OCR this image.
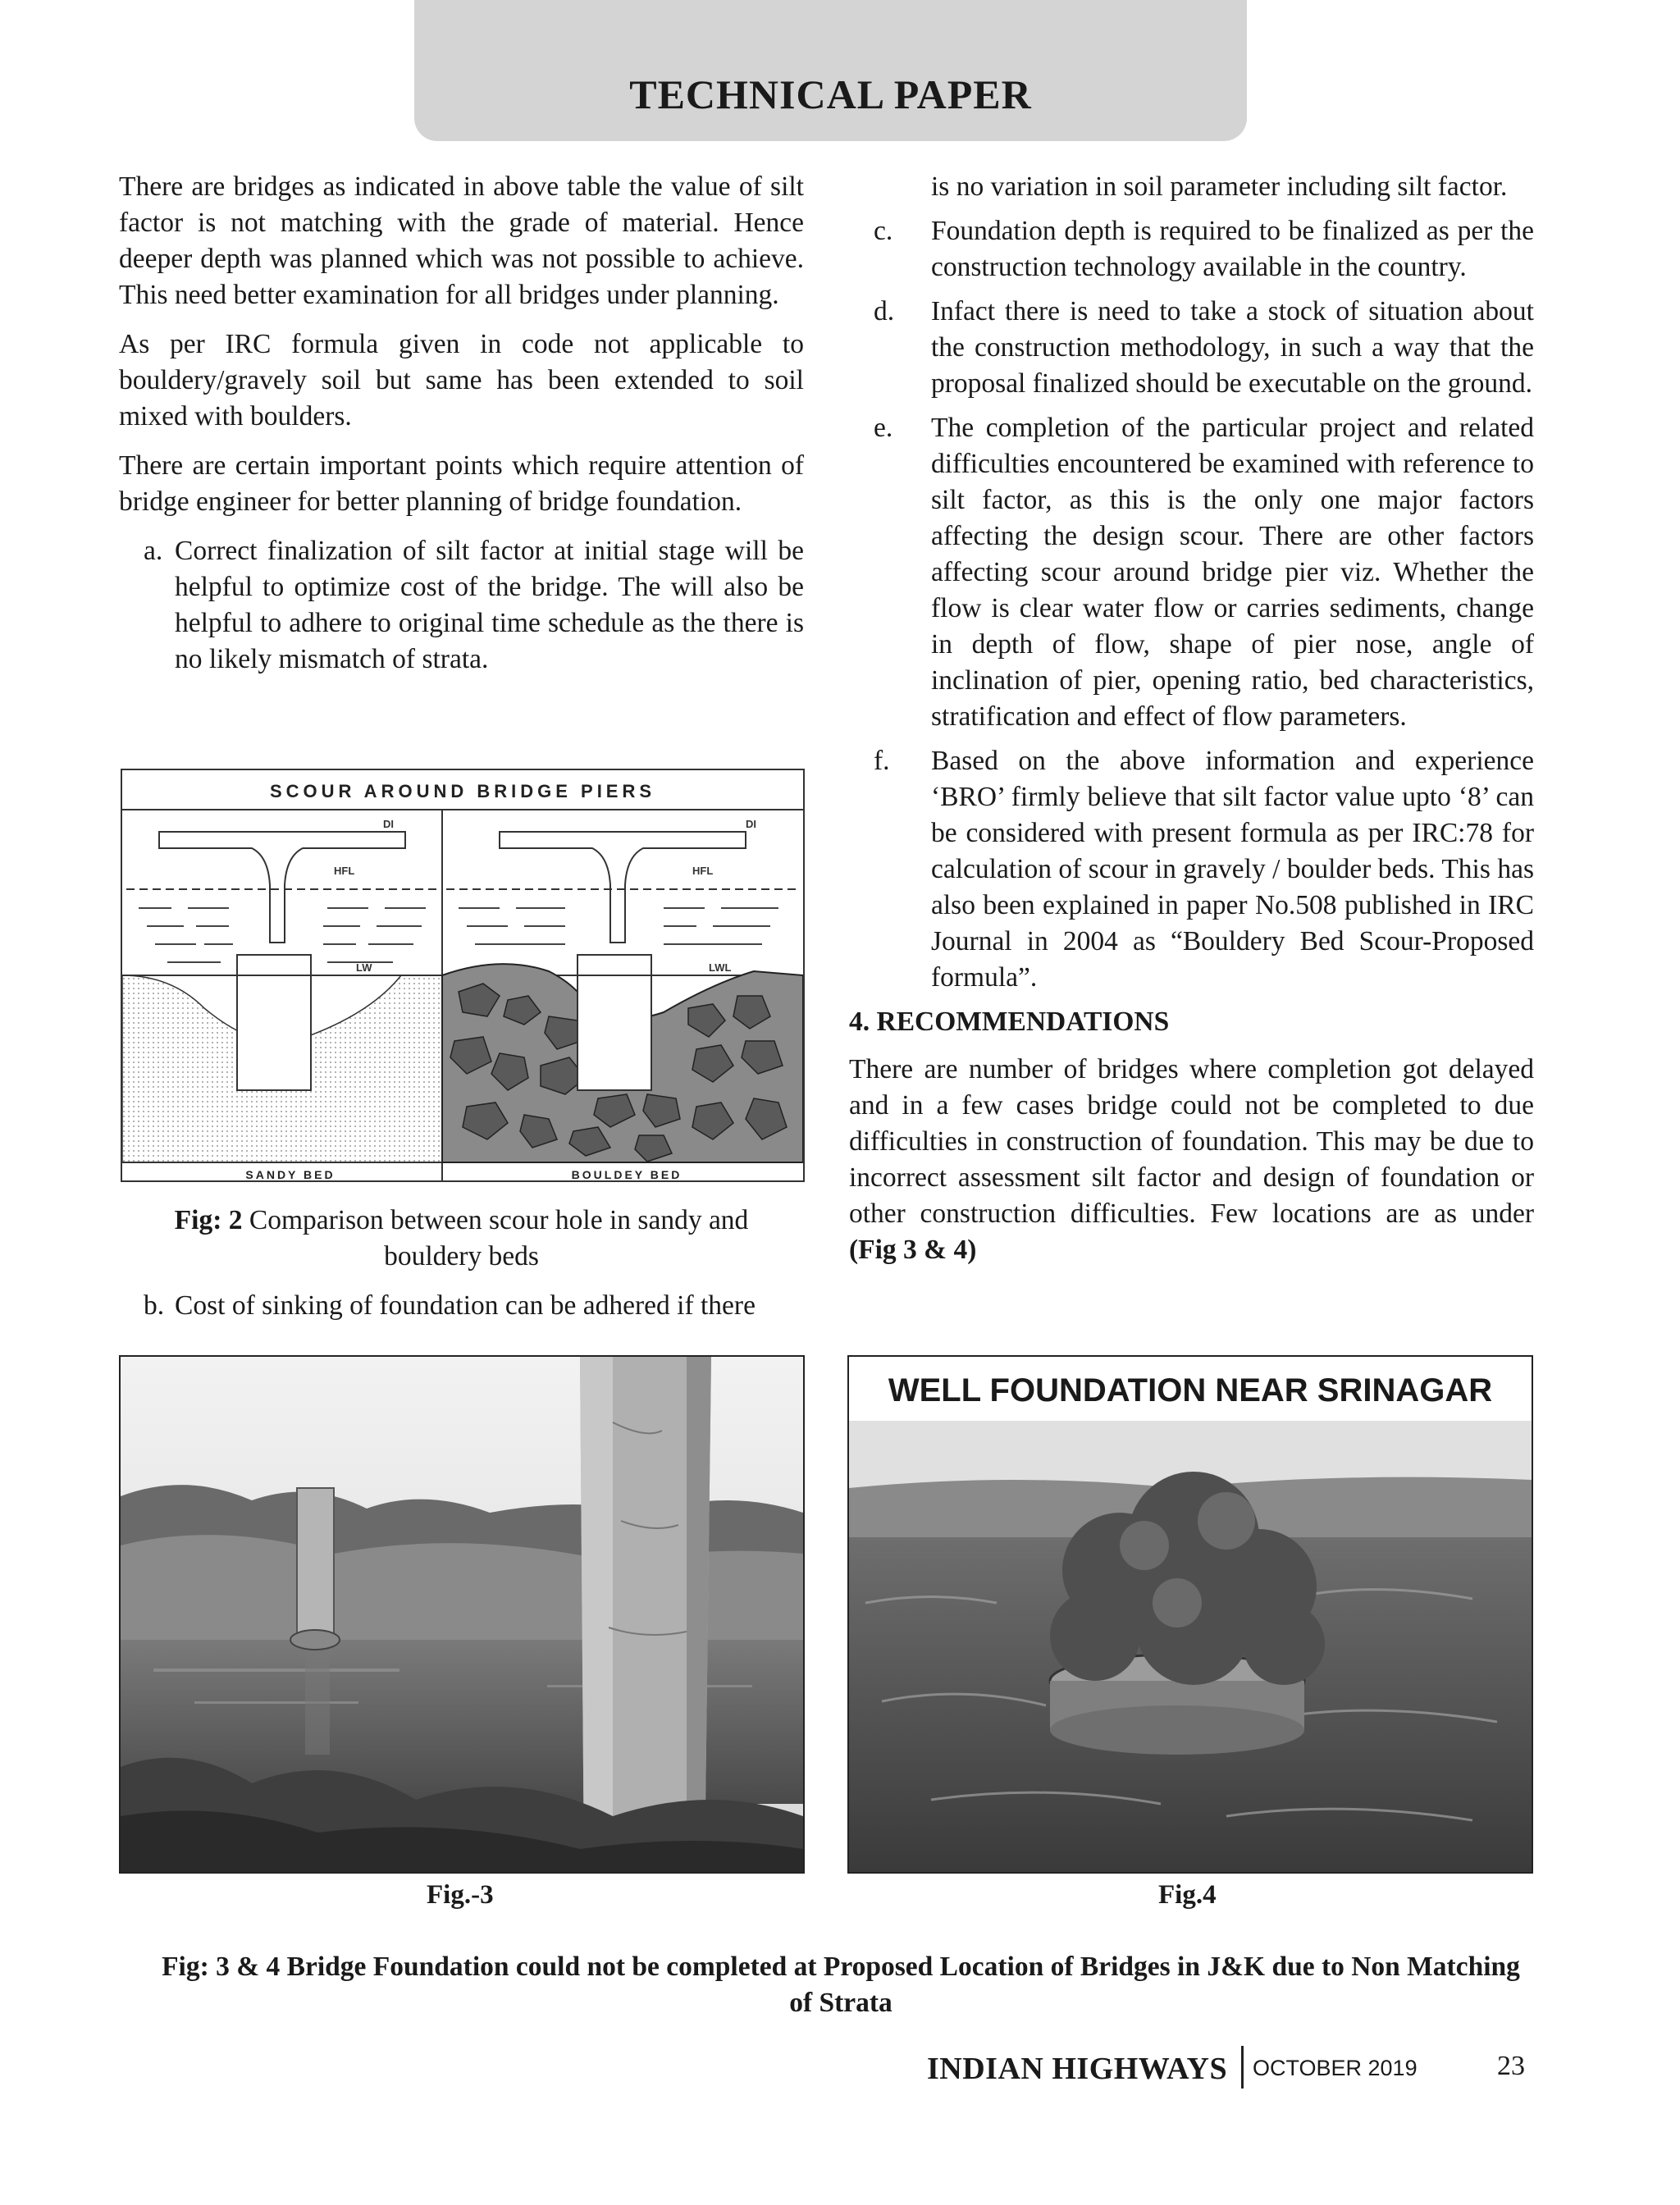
TECHNICAL PAPER

There are bridges as indicated in above table the value of silt factor is not matching with the grade of material. Hence deeper depth was planned which was not possible to achieve. This need better examination for all bridges under planning.

As per IRC formula given in code not applicable to bouldery/gravely soil but same has been extended to soil mixed with boulders.

There are certain important points which require attention of bridge engineer for better planning of bridge foundation.

a. Correct finalization of silt factor at initial stage will be helpful to optimize cost of the bridge. The will also be helpful to adhere to original time schedule as the there is no likely mismatch of strata.
SCOUR AROUND BRIDGE PIERS
DI
HFL
LW
SANDY BED
DI
HFL
LWL
BOULDEY BED
Fig: 2 Comparison between scour hole in sandy and bouldery beds
b. Cost of sinking of foundation can be adhered if there
is no variation in soil parameter including silt factor.
c.	Foundation depth is required to be finalized as per the construction technology available in the country.
d.	Infact there is need to take a stock of situation about the construction methodology, in such a way that the proposal finalized should be executable on the ground.
e.	The completion of the particular project and related difficulties encountered be examined with reference to silt factor, as this is the only one major factors affecting the design scour. There are other factors affecting scour around bridge pier viz. Whether the flow is clear water flow or carries sediments, change in depth of flow, shape of pier nose, angle of inclination of pier, opening ratio, bed characteristics, stratification and effect of flow parameters.
f.	Based on the above information and experience ‘BRO’ firmly believe that silt factor value upto ‘8’ can be considered with present formula as per IRC:78 for calculation of scour in gravely / boulder beds. This has also been explained in paper No.508 published in IRC Journal in 2004 as “Bouldery Bed Scour-Proposed formula”.
4. RECOMMENDATIONS
There are number of bridges where completion got delayed and in a few cases bridge could not be completed to due difficulties in construction of foundation. This may be due to incorrect assessment silt factor and design of foundation or other construction difficulties. Few locations are as under (Fig 3 & 4)
WELL FOUNDATION NEAR SRINAGAR
Fig.-3	Fig.4
Fig: 3 & 4 Bridge Foundation could not be completed at Proposed Location of Bridges in J&K due to Non Matching of Strata
INDIAN HIGHWAYS OCTOBER 2019	23
